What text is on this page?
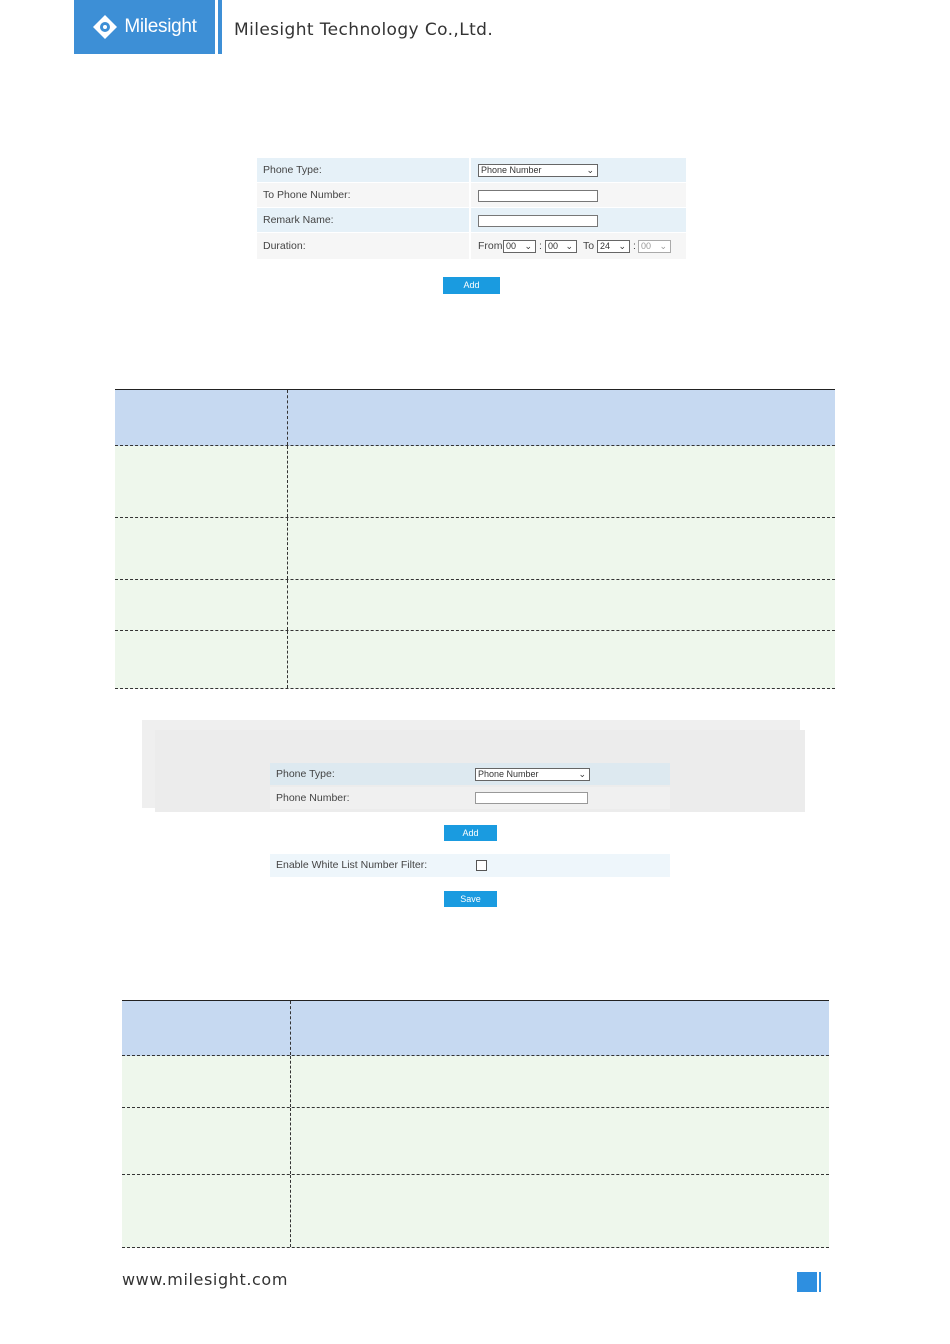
Milesight Milesight Technology Co.,Ltd.
Phone Type:
To Phone Number:
Remark Name:
Duration:
Phone Number	⌄
From 00 ⌄ : 00 ⌄ To 24 ⌄ : 00 ⌄
Add
Phone Type:
Phone Number:
Phone Number	⌄
Add
Enable White List Number Filter:
Save
www.milesight.com
